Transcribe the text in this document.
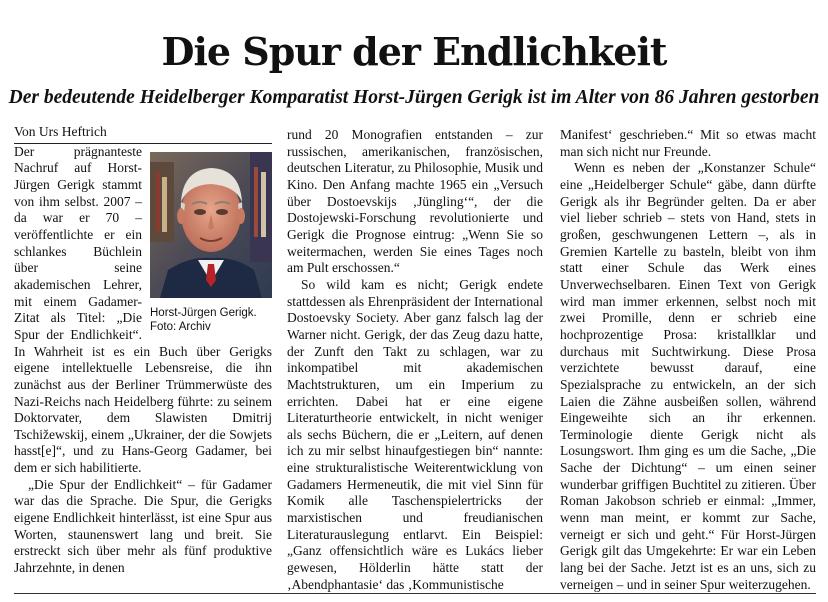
Die Spur der Endlichkeit
Der bedeutende Heidelberger Komparatist Horst-Jürgen Gerigk ist im Alter von 86 Jahren gestorben

Von Urs Heftrich

Horst-Jürgen Gerigk.
Foto: Archiv

Der prägnanteste Nachruf auf Horst-Jürgen Gerigk stammt von ihm selbst. 2007 – da war er 70 – veröffentlichte er ein schlankes Büchlein über seine akademischen Lehrer, mit einem Gadamer-Zitat als Titel: „Die Spur der Endlichkeit“. In Wahrheit ist es ein Buch über Gerigks eigene intellektuelle Lebensreise, die ihn zunächst aus der Berliner Trümmerwüste des Nazi-Reichs nach Heidelberg führte: zu seinem Doktorvater, dem Slawisten Dmitrij Tschižewskij, einem „Ukrainer, der die Sowjets hasst[e]“, und zu Hans-Georg Gadamer, bei dem er sich habilitierte.

„Die Spur der Endlichkeit“ – für Gadamer war das die Sprache. Die Spur, die Gerigks eigene Endlichkeit hinterlässt, ist eine Spur aus Worten, staunenswert lang und breit. Sie erstreckt sich über mehr als fünf produktive Jahrzehnte, in denen

rund 20 Monografien entstanden – zur russischen, amerikanischen, französischen, deutschen Literatur, zu Philosophie, Musik und Kino. Den Anfang machte 1965 ein „Versuch über Dostoevskijs ‚Jüngling‘“, der die Dostojewski-Forschung revolutionierte und Gerigk die Prognose eintrug: „Wenn Sie so weitermachen, werden Sie eines Tages noch am Pult erschossen.“

So wild kam es nicht; Gerigk endete stattdessen als Ehrenpräsident der International Dostoevsky Society. Aber ganz falsch lag der Warner nicht. Gerigk, der das Zeug dazu hatte, der Zunft den Takt zu schlagen, war zu inkompatibel mit akademischen Machtstrukturen, um ein Imperium zu errichten. Dabei hat er eine eigene Literaturtheorie entwickelt, in nicht weniger als sechs Büchern, die er „Leitern, auf denen ich zu mir selbst hinaufgestiegen bin“ nannte: eine strukturalistische Weiterentwicklung von Gadamers Hermeneutik, die mit viel Sinn für Komik alle Taschenspielertricks der marxistischen und freudianischen Literaturauslegung entlarvt. Ein Beispiel: „Ganz offensichtlich wäre es Lukács lieber gewesen, Hölderlin hätte statt der ‚Abendphantasie‘ das ‚Kommunistische

Manifest‘ geschrieben.“ Mit so etwas macht man sich nicht nur Freunde.

Wenn es neben der „Konstanzer Schule“ eine „Heidelberger Schule“ gäbe, dann dürfte Gerigk als ihr Begründer gelten. Da er aber viel lieber schrieb – stets von Hand, stets in großen, geschwungenen Lettern –, als in Gremien Kartelle zu basteln, bleibt von ihm statt einer Schule das Werk eines Unverwechselbaren. Einen Text von Gerigk wird man immer erkennen, selbst noch mit zwei Promille, denn er schrieb eine hochprozentige Prosa: kristallklar und durchaus mit Suchtwirkung. Diese Prosa verzichtete bewusst darauf, eine Spezialsprache zu entwickeln, an der sich Laien die Zähne ausbeißen sollen, während Eingeweihte sich an ihr erkennen. Terminologie diente Gerigk nicht als Losungswort. Ihm ging es um die Sache, „Die Sache der Dichtung“ – um einen seiner wunderbar griffigen Buchtitel zu zitieren. Über Roman Jakobson schrieb er einmal: „Immer, wenn man meint, er kommt zur Sache, verneigt er sich und geht.“ Für Horst-Jürgen Gerigk gilt das Umgekehrte: Er war ein Leben lang bei der Sache. Jetzt ist es an uns, sich zu verneigen – und in seiner Spur weiterzugehen.
